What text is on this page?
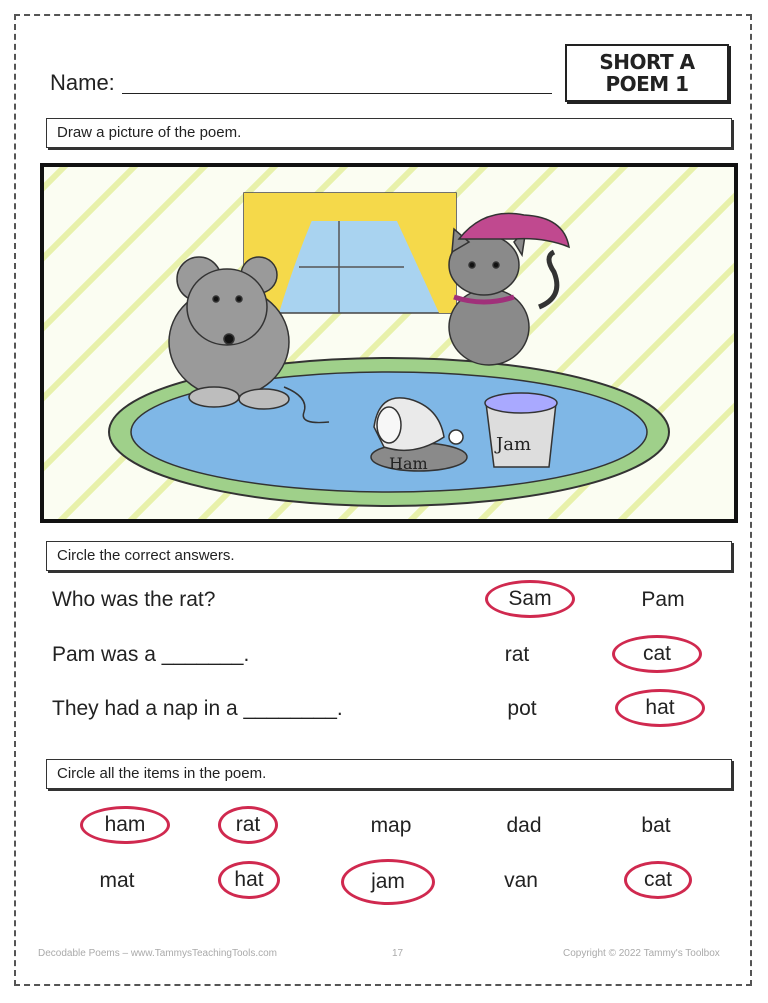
Name:
SHORT A
POEM 1
Draw a picture of the poem.
Ham
Jam
Circle the correct answers.
Who was the rat?	Sam	Pam
Pam was a _______.	rat	cat
They had a nap in a ________.	pot	hat
Circle all the items in the poem.
ham	rat	map	dad	bat
mat	hat	jam	van	cat
Decodable Poems – www.TammysTeachingTools.com	17	Copyright © 2022 Tammy's Toolbox
